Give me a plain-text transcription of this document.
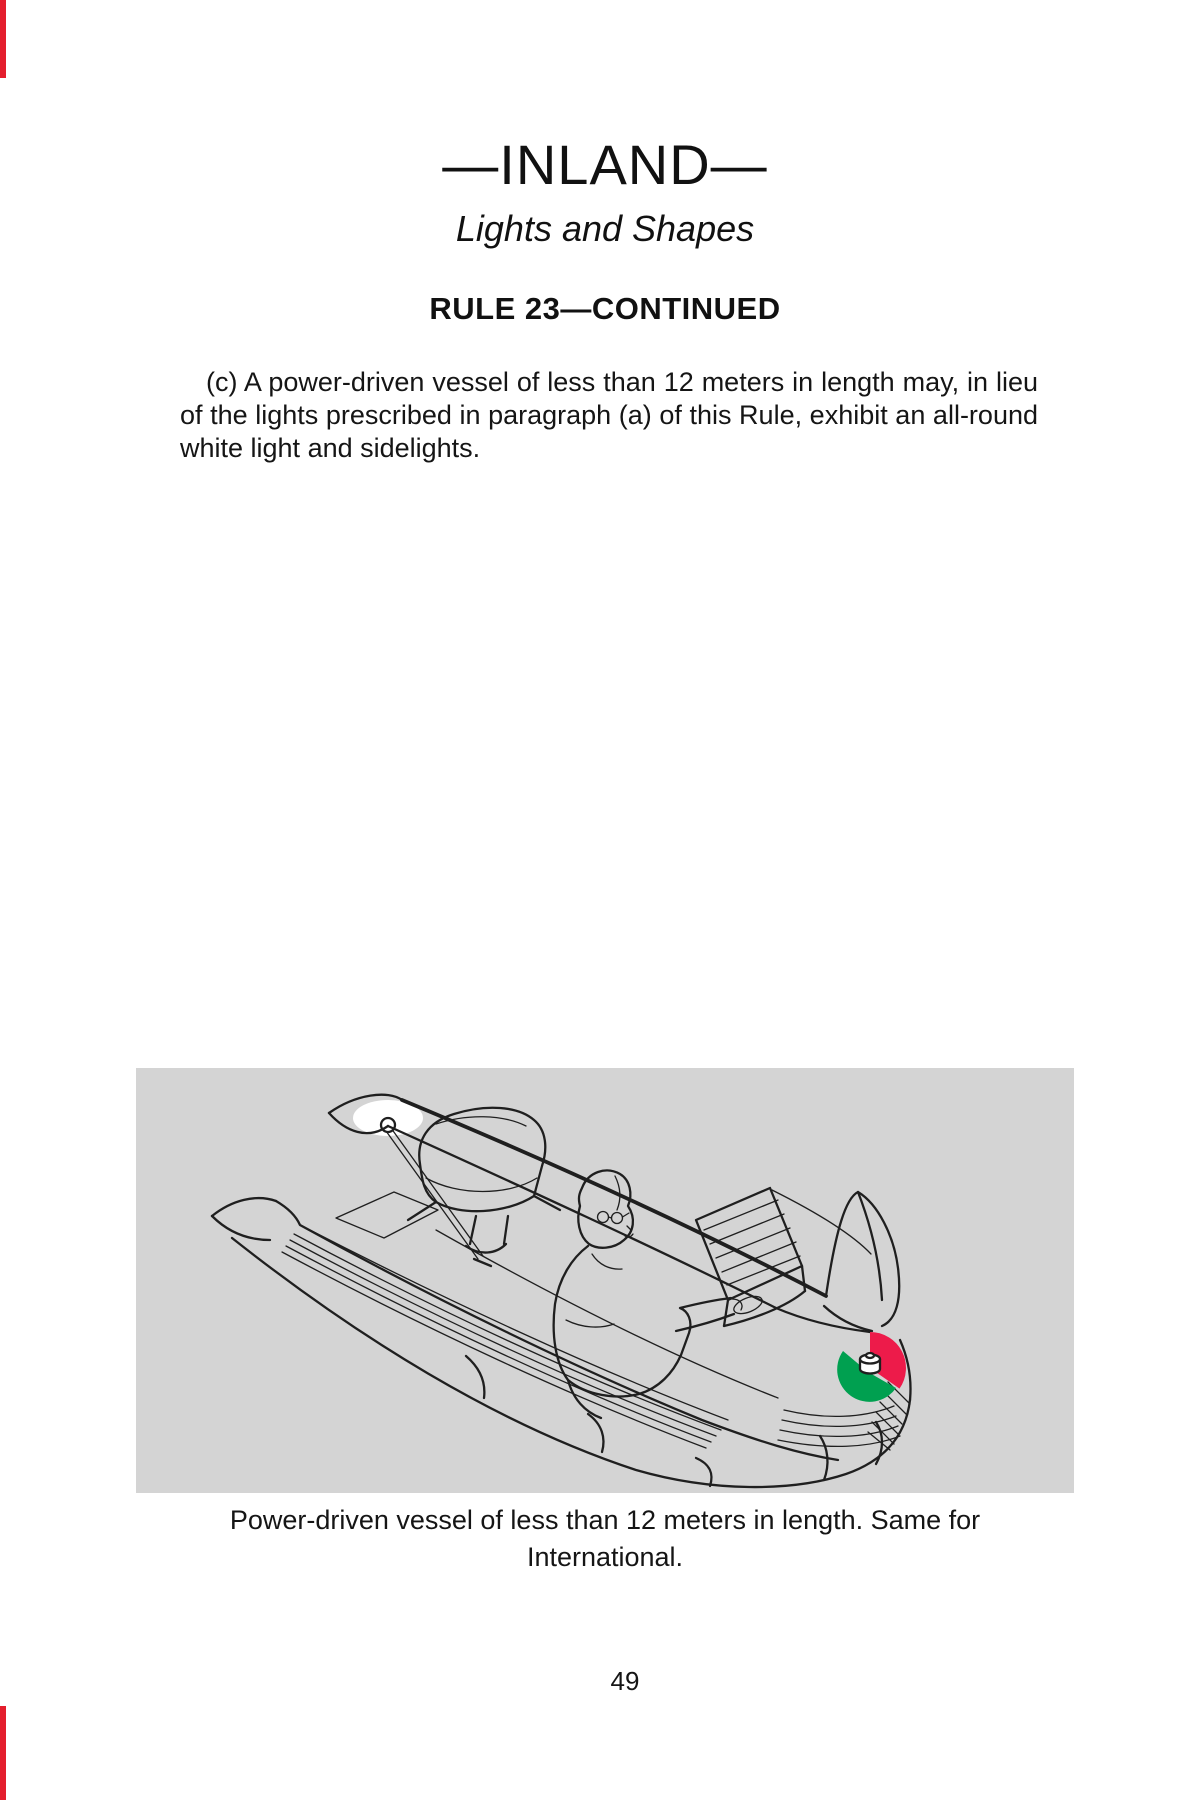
—INLAND—
Lights and Shapes
RULE 23—CONTINUED
(c) A power-driven vessel of less than 12 meters in length may, in lieu of the lights prescribed in paragraph (a) of this Rule, exhibit an all-round white light and sidelights.
Power-driven vessel of less than 12 meters in length. Same for
International.
49
